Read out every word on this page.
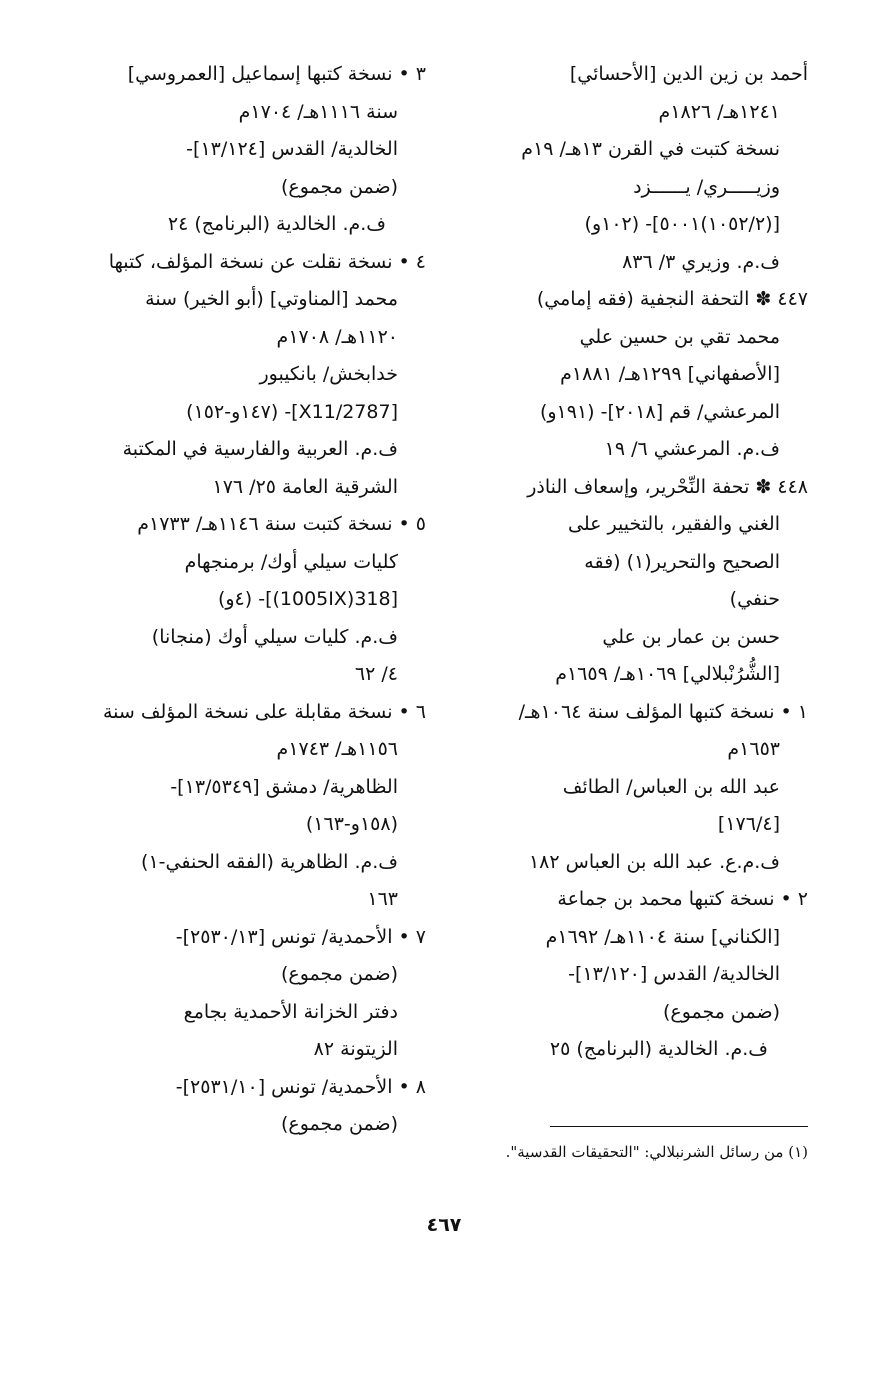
أحمد بن زين الدين [الأحسائي]
١٢٤١هـ/ ١٨٢٦م
نسخة كتبت في القرن ١٣هـ/ ١٩م
وزيـــــري/ يــــــزد
[(١٠٥٢/٢)٥٠٠١]- (١٠٢و)
ف.م. وزيري ٣/ ٨٣٦
٤٤٧ ✽ التحفة النجفية (فقه إمامي)
محمد تقي بن حسين علي
[الأصفهاني] ١٢٩٩هـ/ ١٨٨١م
المرعشي/ قم [٢٠١٨]- (١٩١و)
ف.م. المرعشي ٦/ ١٩
٤٤٨ ✽ تحفة النِّحْرير، وإسعاف الناذر
الغني والفقير، بالتخيير على
الصحيح والتحرير(١) (فقه
حنفي)
حسن بن عمار بن علي
[الشُّرُنْبلالي] ١٠٦٩هـ/ ١٦٥٩م
١ • نسخة كتبها المؤلف سنة ١٠٦٤هـ/
١٦٥٣م
عبد الله بن العباس/ الطائف
[١٧٦/٤]
ف.م.ع. عبد الله بن العباس ١٨٢
٢ • نسخة كتبها محمد بن جماعة
[الكناني] سنة ١١٠٤هـ/ ١٦٩٢م
الخالدية/ القدس [١٣/١٢٠]-
(ضمن مجموع)
ف.م. الخالدية (البرنامج) ٢٥
٣ • نسخة كتبها إسماعيل [العمروسي]
سنة ١١١٦هـ/ ١٧٠٤م
الخالدية/ القدس [١٣/١٢٤]-
(ضمن مجموع)
ف.م. الخالدية (البرنامج) ٢٤
٤ • نسخة نقلت عن نسخة المؤلف، كتبها
محمد [المناوتي] (أبو الخير) سنة
١١٢٠هـ/ ١٧٠٨م
خدابخش/ بانكيبور
[2787/X11]- (١٤٧و-١٥٢)
ف.م. العربية والفارسية في المكتبة
الشرقية العامة ٢٥/ ١٧٦
٥ • نسخة كتبت سنة ١١٤٦هـ/ ١٧٣٣م
كليات سيلي أوك/ برمنجهام
[318(1005IX)]- (٤و)
ف.م. كليات سيلي أوك (منجانا)
٤/ ٦٢
٦ • نسخة مقابلة على نسخة المؤلف سنة
١١٥٦هـ/ ١٧٤٣م
الظاهرية/ دمشق [١٣/٥٣٤٩]-
(١٥٨و-١٦٣)
ف.م. الظاهرية (الفقه الحنفي-١)
١٦٣
٧ • الأحمدية/ تونس [٢٥٣٠/١٣]-
(ضمن مجموع)
دفتر الخزانة الأحمدية بجامع
الزيتونة ٨٢
٨ • الأحمدية/ تونس [٢٥٣١/١٠]-
(ضمن مجموع)
(١) من رسائل الشرنبلالي: "التحقيقات القدسية".
٤٦٧
